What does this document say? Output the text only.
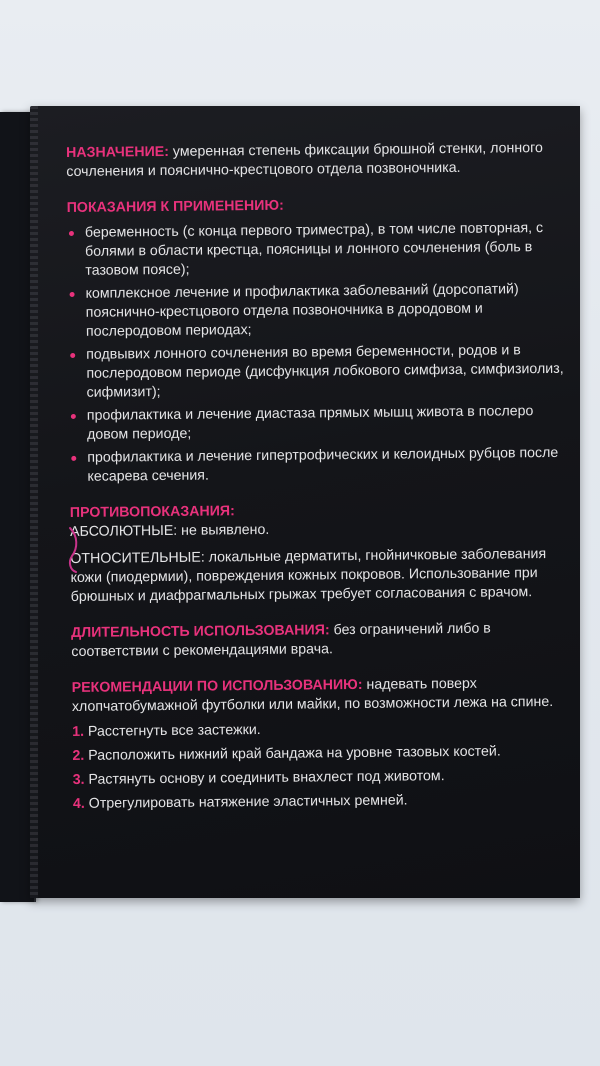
НАЗНАЧЕНИЕ: умеренная степень фиксации брюшной стенки, лонного сочленения и пояснично-крестцового отдела позвоночника.

ПОКАЗАНИЯ К ПРИМЕНЕНИЮ:

беременность (с конца первого триместра), в том числе повторная, с болями в области крестца, поясницы и лонного сочленения (боль в тазовом поясе);
комплексное лечение и профилактика заболеваний (дорсопатий) пояснично-крестцового отдела позвоночника в дородовом и послеродовом периодах;
подвывих лонного сочленения во время беременности, родов и в послеродовом периоде (дисфункция лобкового симфиза, симфизиолиз, сифмизит);
профилактика и лечение диастаза прямых мышц живота в послеро довом периоде;
профилактика и лечение гипертрофических и келоидных рубцов после кесарева сечения.

ПРОТИВОПОКАЗАНИЯ:

АБСОЛЮТНЫЕ: не выявлено.

ОТНОСИТЕЛЬНЫЕ: локальные дерматиты, гнойничковые заболевания кожи (пиодермии), повреждения кожных покровов. Использование при брюшных и диафрагмальных грыжах требует согласования с врачом.

ДЛИТЕЛЬНОСТЬ ИСПОЛЬЗОВАНИЯ: без ограничений либо в соответствии с рекомендациями врача.

РЕКОМЕНДАЦИИ ПО ИСПОЛЬЗОВАНИЮ: надевать поверх хлопчатобумажной футболки или майки, по возможности лежа на спине.

1. Расстегнуть все застежки.
2. Расположить нижний край бандажа на уровне тазовых костей.
3. Растянуть основу и соединить внахлест под животом.
4. Отрегулировать натяжение эластичных ремней.
